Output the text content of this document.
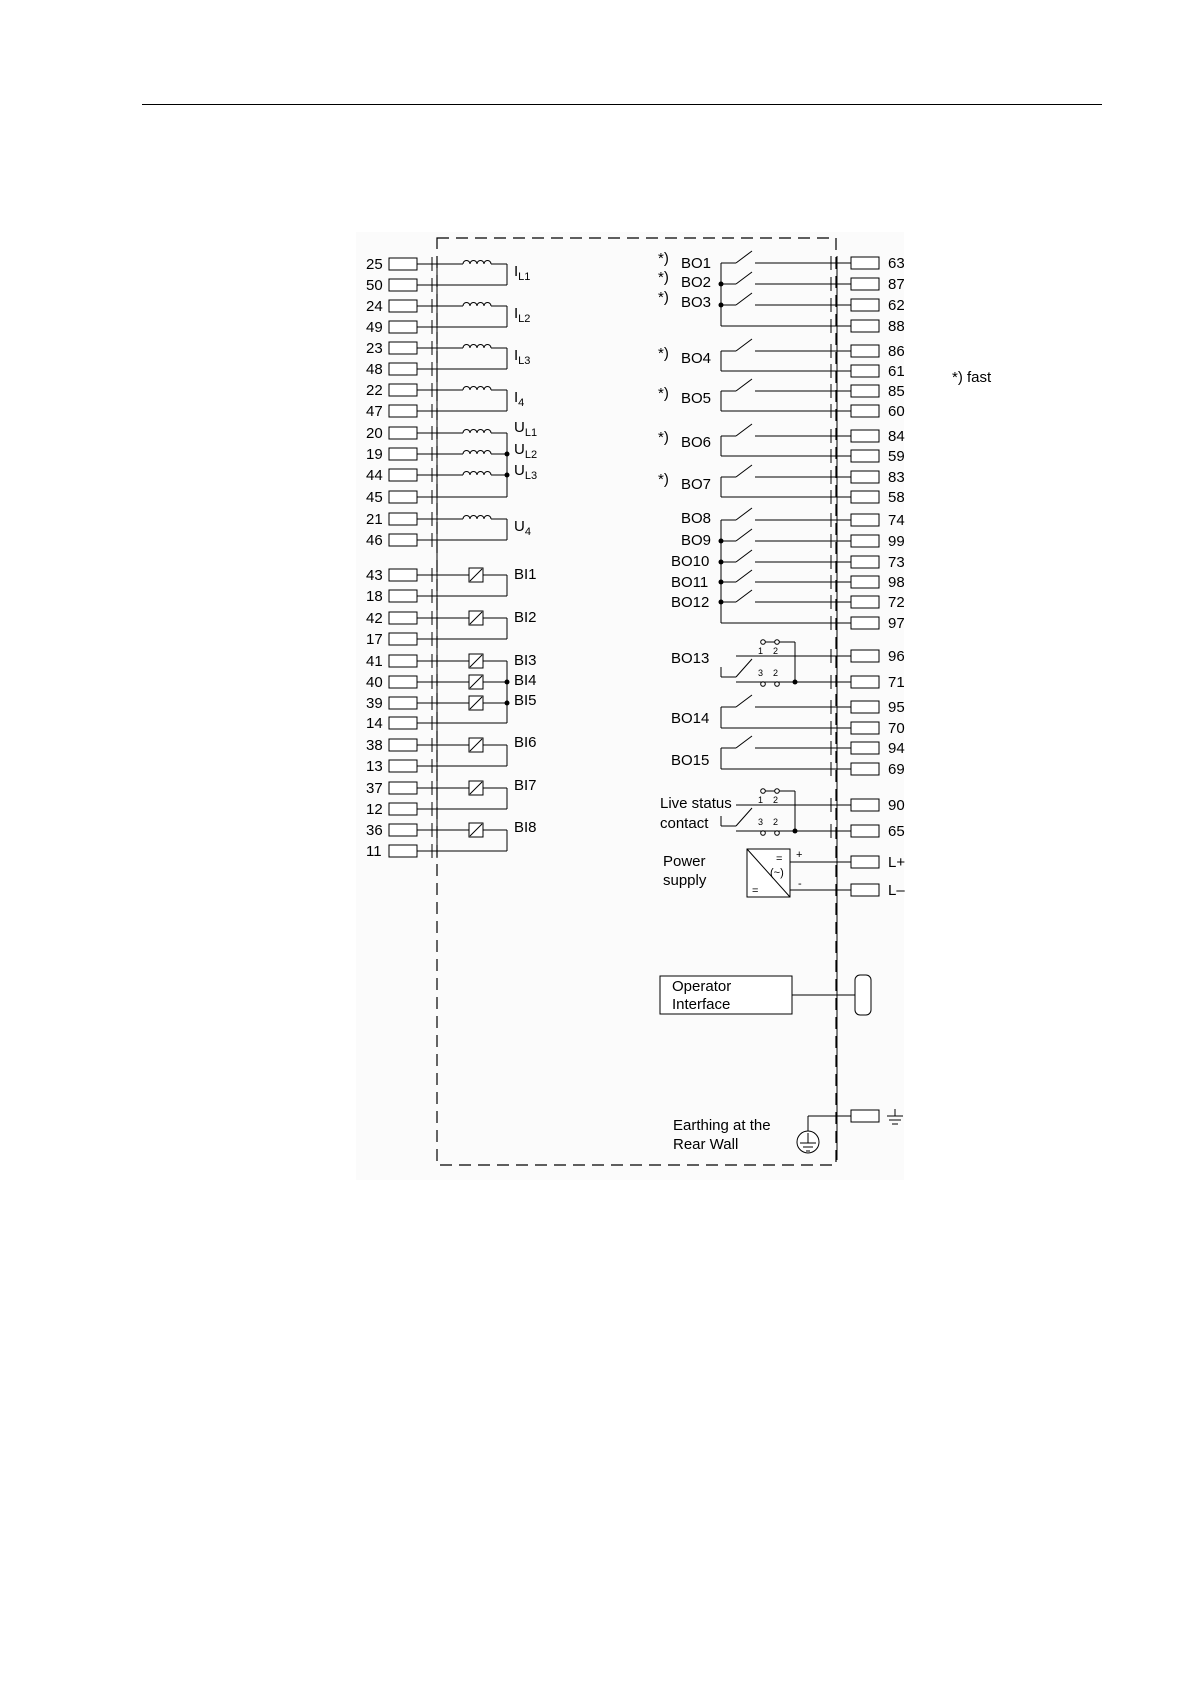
25
50
24
49
23
48
22
47
20
19
44
45
21
46
43
18
42
17
41
40
39
14
38
13
37
12
36
11
$I_{L1}$
$I_{L2}$
$I_{L3}$
$I_4$
$U_{L1}$
$U_{L2}$
$U_{L3}$
$U_4$
BI1
BI2
BI3
BI4
BI5
BI6
BI7
BI8
63
87
62
88
86
61
85
60
84
59
83
58
74
99
73
98
72
97
96
71
95
70
94
69
90
65
L+
L–
1 2
3 2
1 2
3 2
*) BO1
*) BO2
*) BO3
*) BO4
*) BO5
*) BO6
*) BO7
BO8
BO9
BO10
BO11
BO12
BO13
BO14
BO15
*) fast
Live status
contact
Power
supply
=
(~)
=
+
-
Operator
Interface
Earthing at the
Rear Wall
